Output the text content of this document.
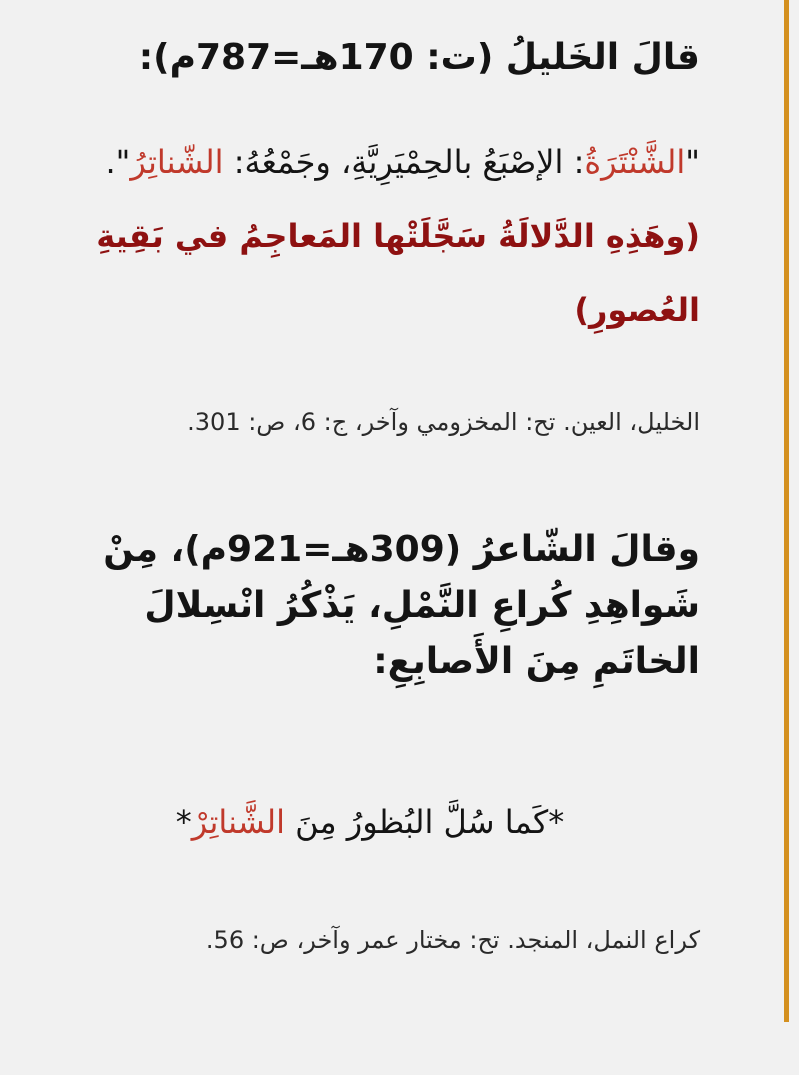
قالَ الخَليلُ (ت: 170هـ=787م):
"الشَّنْتَرَةُ: الإصْبَعُ بالحِمْيَرِيَّةِ، وجَمْعُهُ: الشّناتِرُ". (وهَذِهِ الدَّلالَةُ سَجَّلَتْها المَعاجِمُ في بَقِيةِ العُصورِ)
الخليل، العين. تح: المخزومي وآخر، ج: 6، ص: 301.
وقالَ الشّاعرُ (309هـ=921م)، مِنْ شَواهِدِ كُراعِ النَّمْلِ، يَذْكُرُ انْسِلالَ الخاتَمِ مِنَ الأَصابِعِ:
*كَما سُلَّ البُظورُ مِنَ الشَّناتِرْ*
كراع النمل، المنجد. تح: مختار عمر وآخر، ص: 56.
